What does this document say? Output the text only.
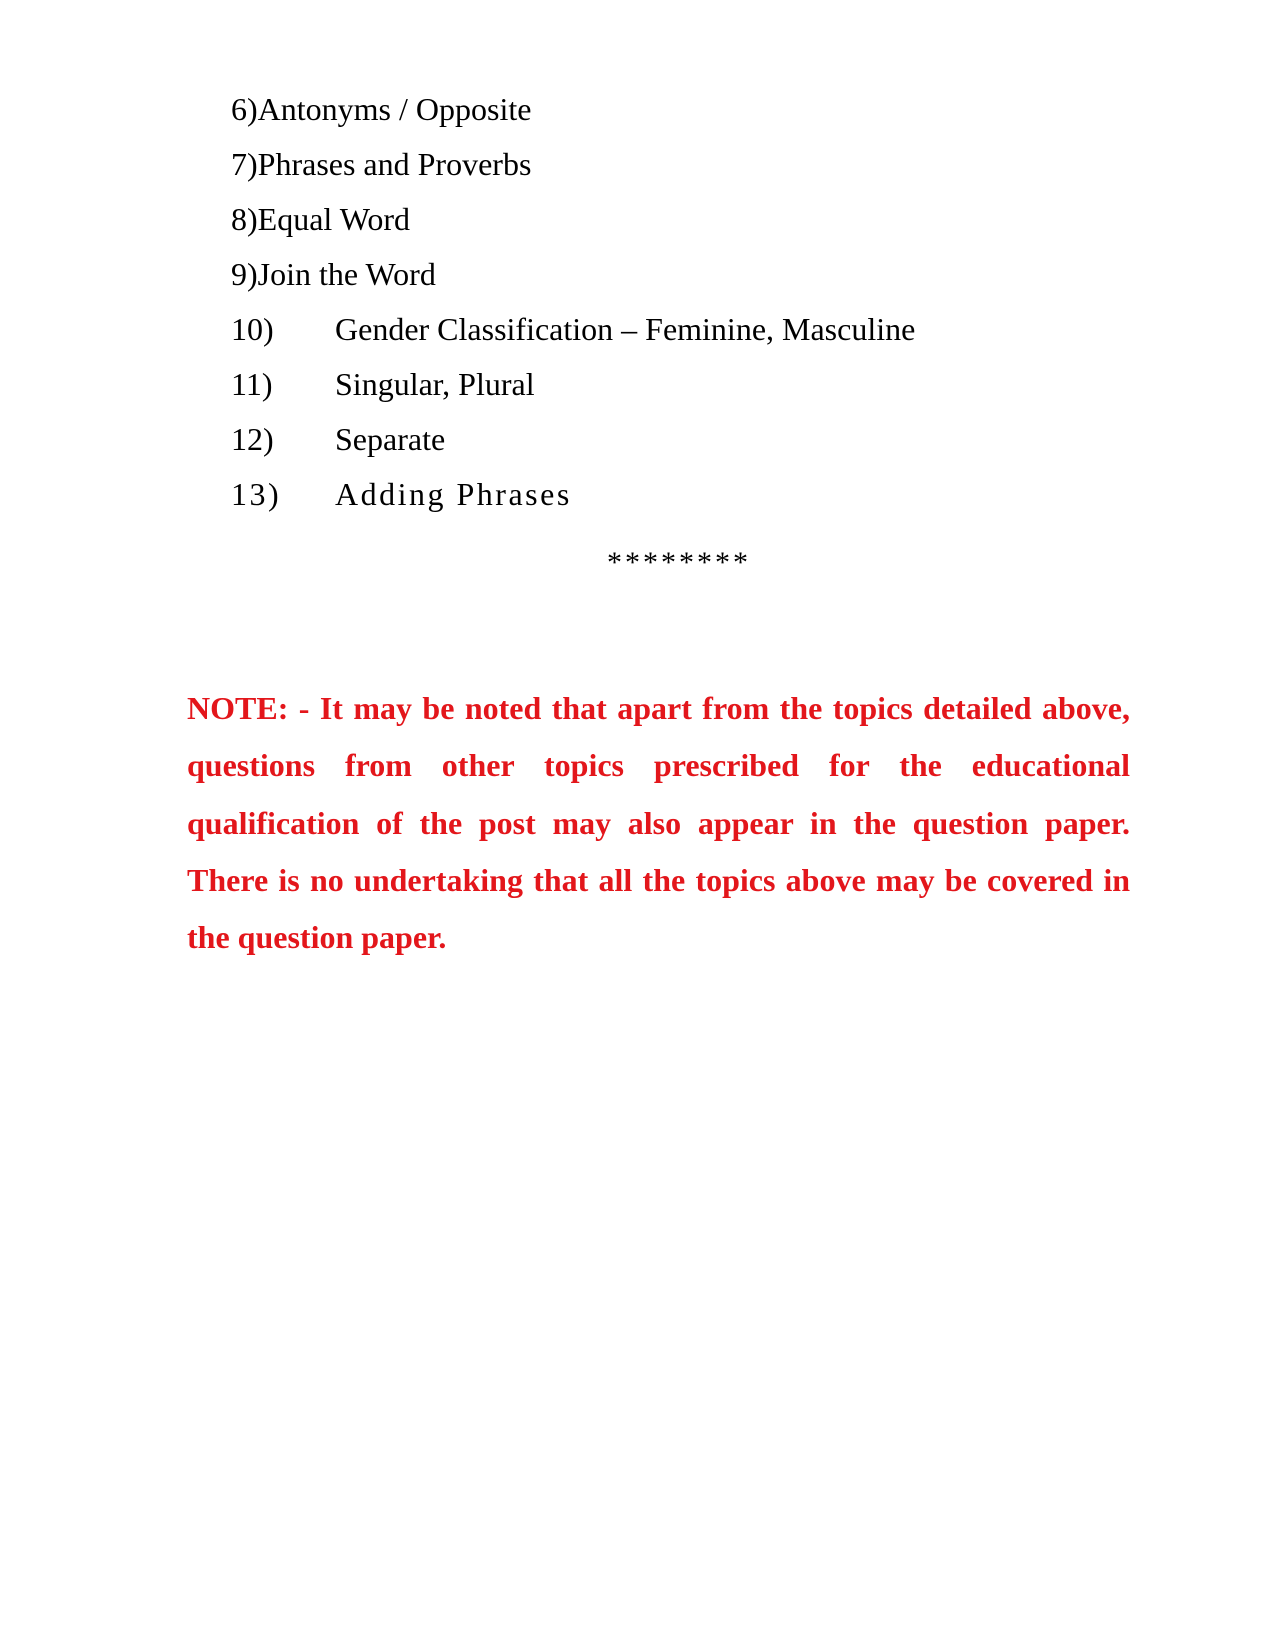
6)Antonyms / Opposite
7)Phrases and Proverbs
8)Equal Word
9)Join the Word
10) Gender Classification – Feminine, Masculine
11) Singular, Plural
12) Separate
13) Adding Phrases
********

NOTE: - It may be noted that apart from the topics detailed above, questions from other topics prescribed for the educational qualification of the post may also appear in the question paper. There is no undertaking that all the topics above may be covered in the question paper.
